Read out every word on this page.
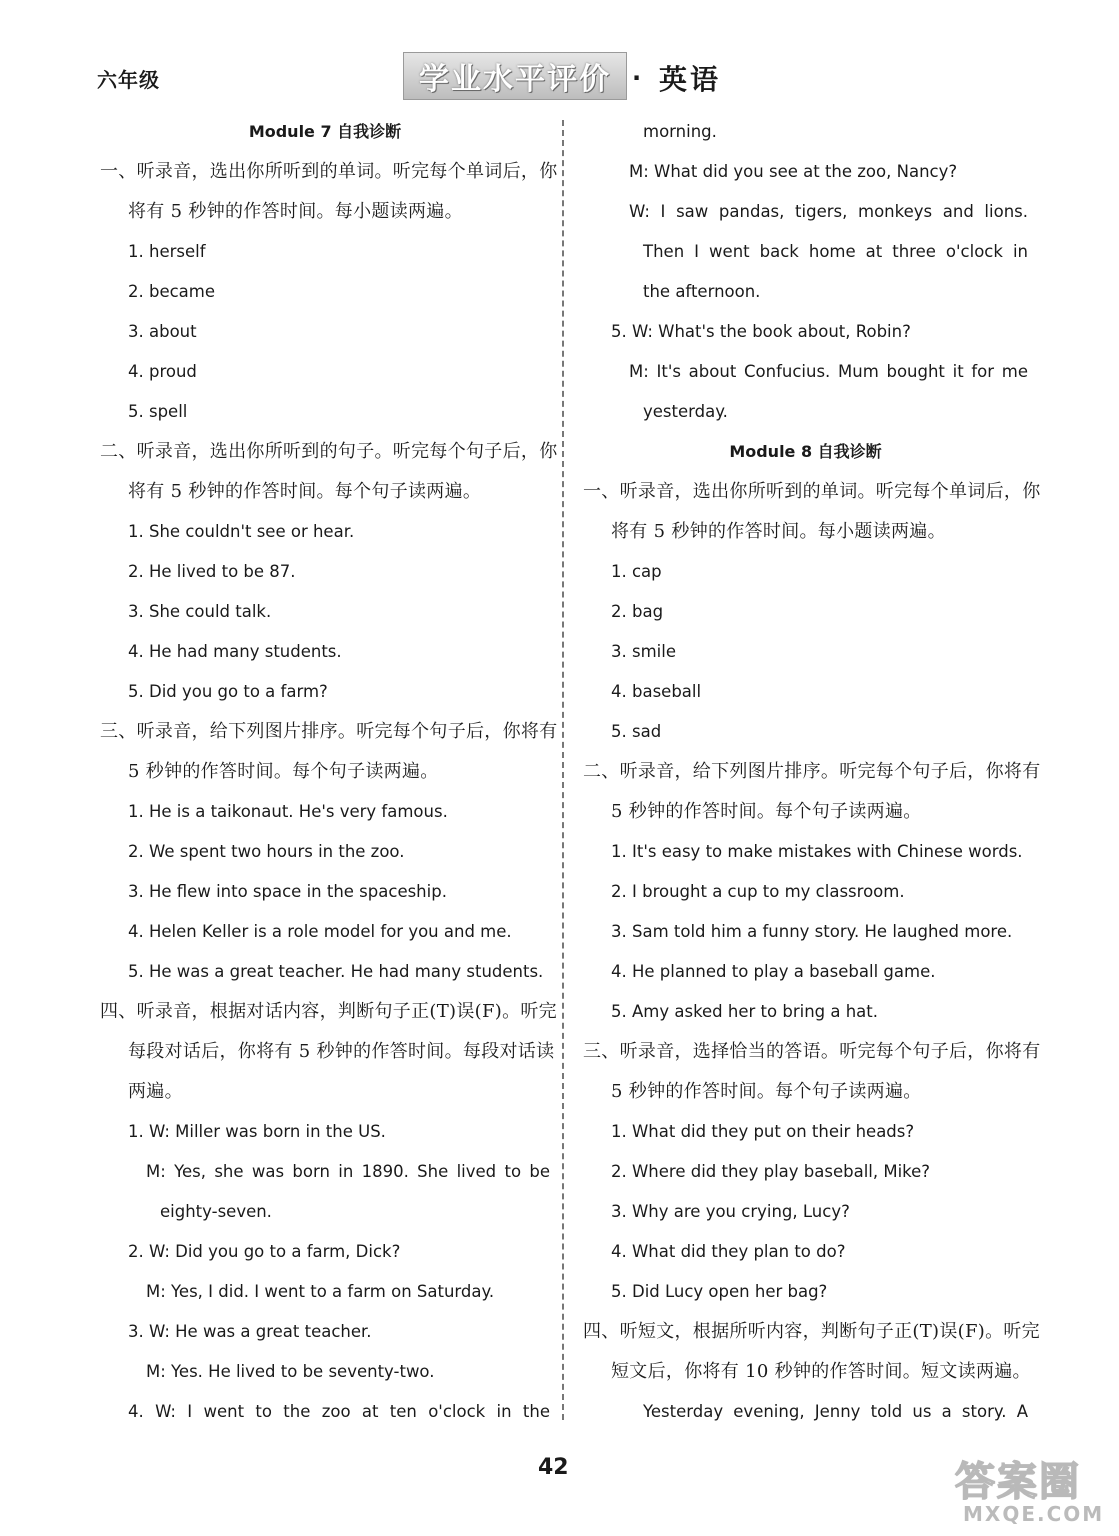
六年级	学业水平评价 · 英语
Module 7 自我诊断
一、听录音，选出你所听到的单词。听完每个单词后，你
将有 5 秒钟的作答时间。每小题读两遍。
1. herself
2. became
3. about
4. proud
5. spell
二、听录音，选出你所听到的句子。听完每个句子后，你
将有 5 秒钟的作答时间。每个句子读两遍。
1. She couldn't see or hear.
2. He lived to be 87.
3. She could talk.
4. He had many students.
5. Did you go to a farm?
三、听录音，给下列图片排序。听完每个句子后，你将有
5 秒钟的作答时间。每个句子读两遍。
1. He is a taikonaut. He's very famous.
2. We spent two hours in the zoo.
3. He flew into space in the spaceship.
4. Helen Keller is a role model for you and me.
5. He was a great teacher. He had many students.
四、听录音，根据对话内容，判断句子正(T)误(F)。听完
每段对话后，你将有 5 秒钟的作答时间。每段对话读
两遍。
1. W: Miller was born in the US.
M: Yes, she was born in 1890. She lived to be
eighty-seven.
2. W: Did you go to a farm, Dick?
M: Yes, I did. I went to a farm on Saturday.
3. W: He was a great teacher.
M: Yes. He lived to be seventy-two.
4. W: I went to the zoo at ten o'clock in the
morning.
M: What did you see at the zoo, Nancy?
W: I saw pandas, tigers, monkeys and lions.
Then I went back home at three o'clock in
the afternoon.
5. W: What's the book about, Robin?
M: It's about Confucius. Mum bought it for me
yesterday.
Module 8 自我诊断
一、听录音，选出你所听到的单词。听完每个单词后，你
将有 5 秒钟的作答时间。每小题读两遍。
1. cap
2. bag
3. smile
4. baseball
5. sad
二、听录音，给下列图片排序。听完每个句子后，你将有
5 秒钟的作答时间。每个句子读两遍。
1. It's easy to make mistakes with Chinese words.
2. I brought a cup to my classroom.
3. Sam told him a funny story. He laughed more.
4. He planned to play a baseball game.
5. Amy asked her to bring a hat.
三、听录音，选择恰当的答语。听完每个句子后，你将有
5 秒钟的作答时间。每个句子读两遍。
1. What did they put on their heads?
2. Where did they play baseball, Mike?
3. Why are you crying, Lucy?
4. What did they plan to do?
5. Did Lucy open her bag?
四、听短文，根据所听内容，判断句子正(T)误(F)。听完
短文后，你将有 10 秒钟的作答时间。短文读两遍。
Yesterday evening, Jenny told us a story. A
42	答案圈
MXQE.COM
